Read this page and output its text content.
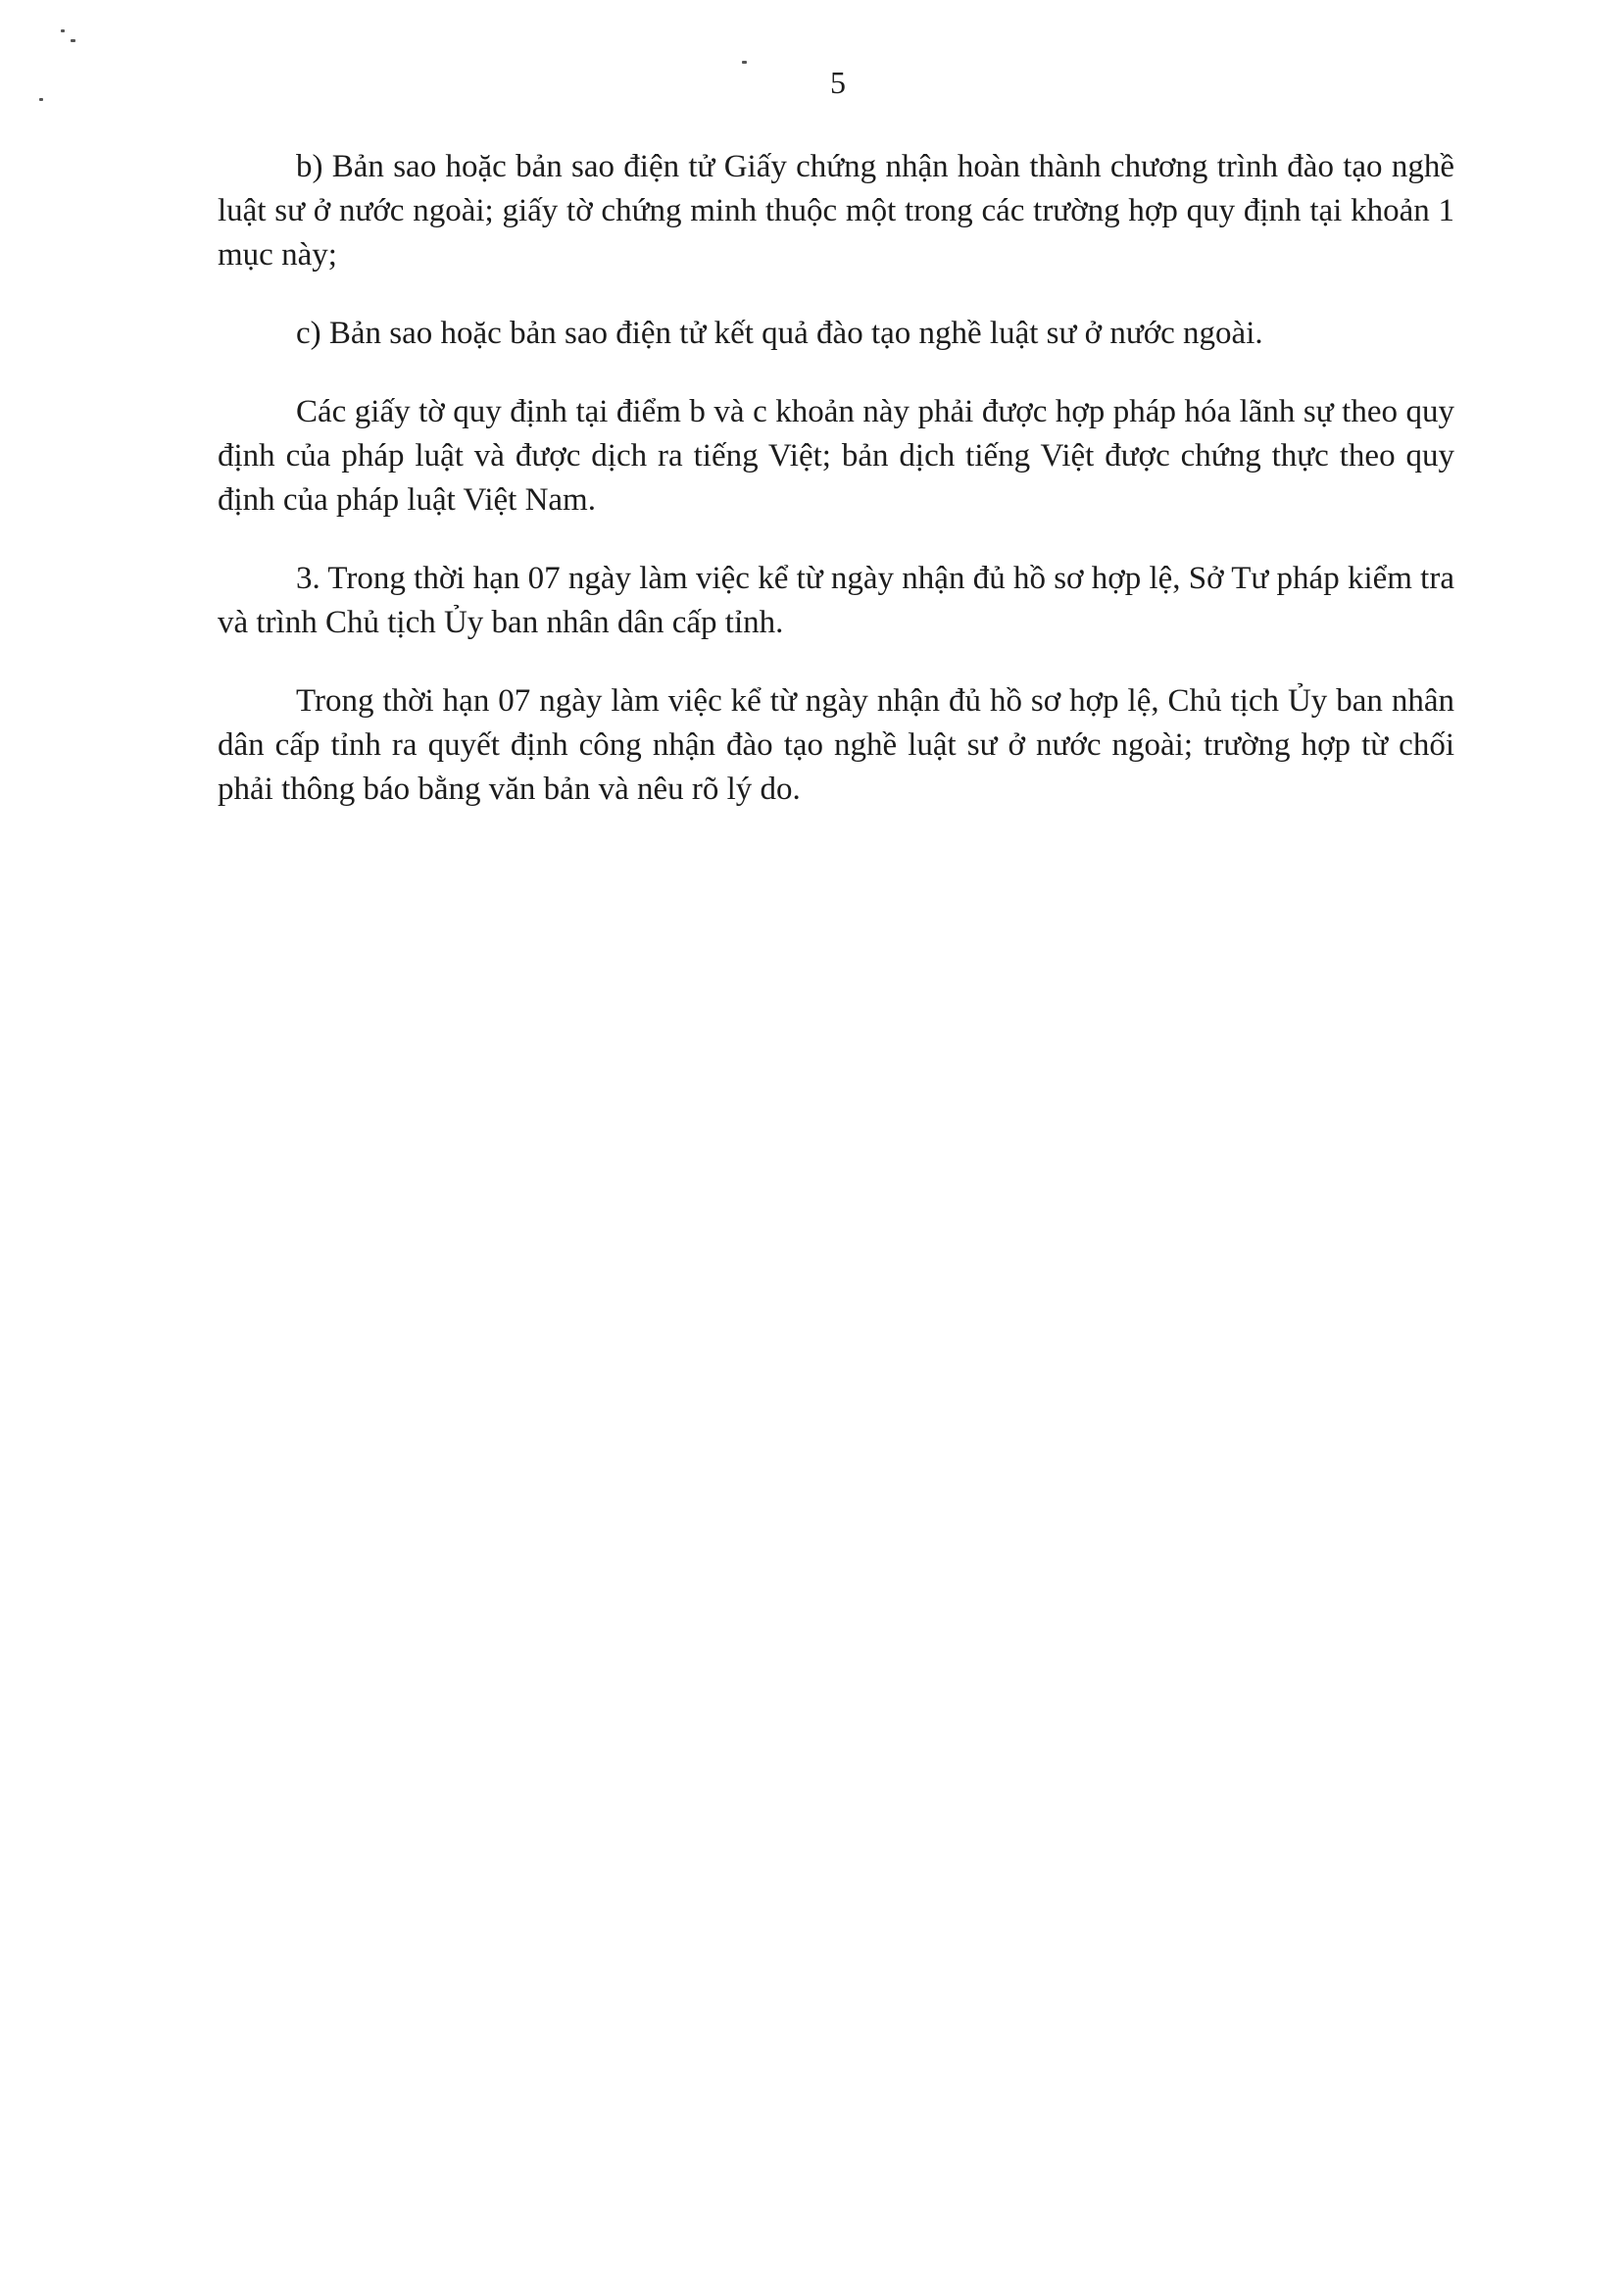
5

b) Bản sao hoặc bản sao điện tử Giấy chứng nhận hoàn thành chương trình đào tạo nghề luật sư ở nước ngoài; giấy tờ chứng minh thuộc một trong các trường hợp quy định tại khoản 1 mục này;

c) Bản sao hoặc bản sao điện tử kết quả đào tạo nghề luật sư ở nước ngoài.

Các giấy tờ quy định tại điểm b và c khoản này phải được hợp pháp hóa lãnh sự theo quy định của pháp luật và được dịch ra tiếng Việt; bản dịch tiếng Việt được chứng thực theo quy định của pháp luật Việt Nam.

3. Trong thời hạn 07 ngày làm việc kể từ ngày nhận đủ hồ sơ hợp lệ, Sở Tư pháp kiểm tra và trình Chủ tịch Ủy ban nhân dân cấp tỉnh.

Trong thời hạn 07 ngày làm việc kể từ ngày nhận đủ hồ sơ hợp lệ, Chủ tịch Ủy ban nhân dân cấp tỉnh ra quyết định công nhận đào tạo nghề luật sư ở nước ngoài; trường hợp từ chối phải thông báo bằng văn bản và nêu rõ lý do.
